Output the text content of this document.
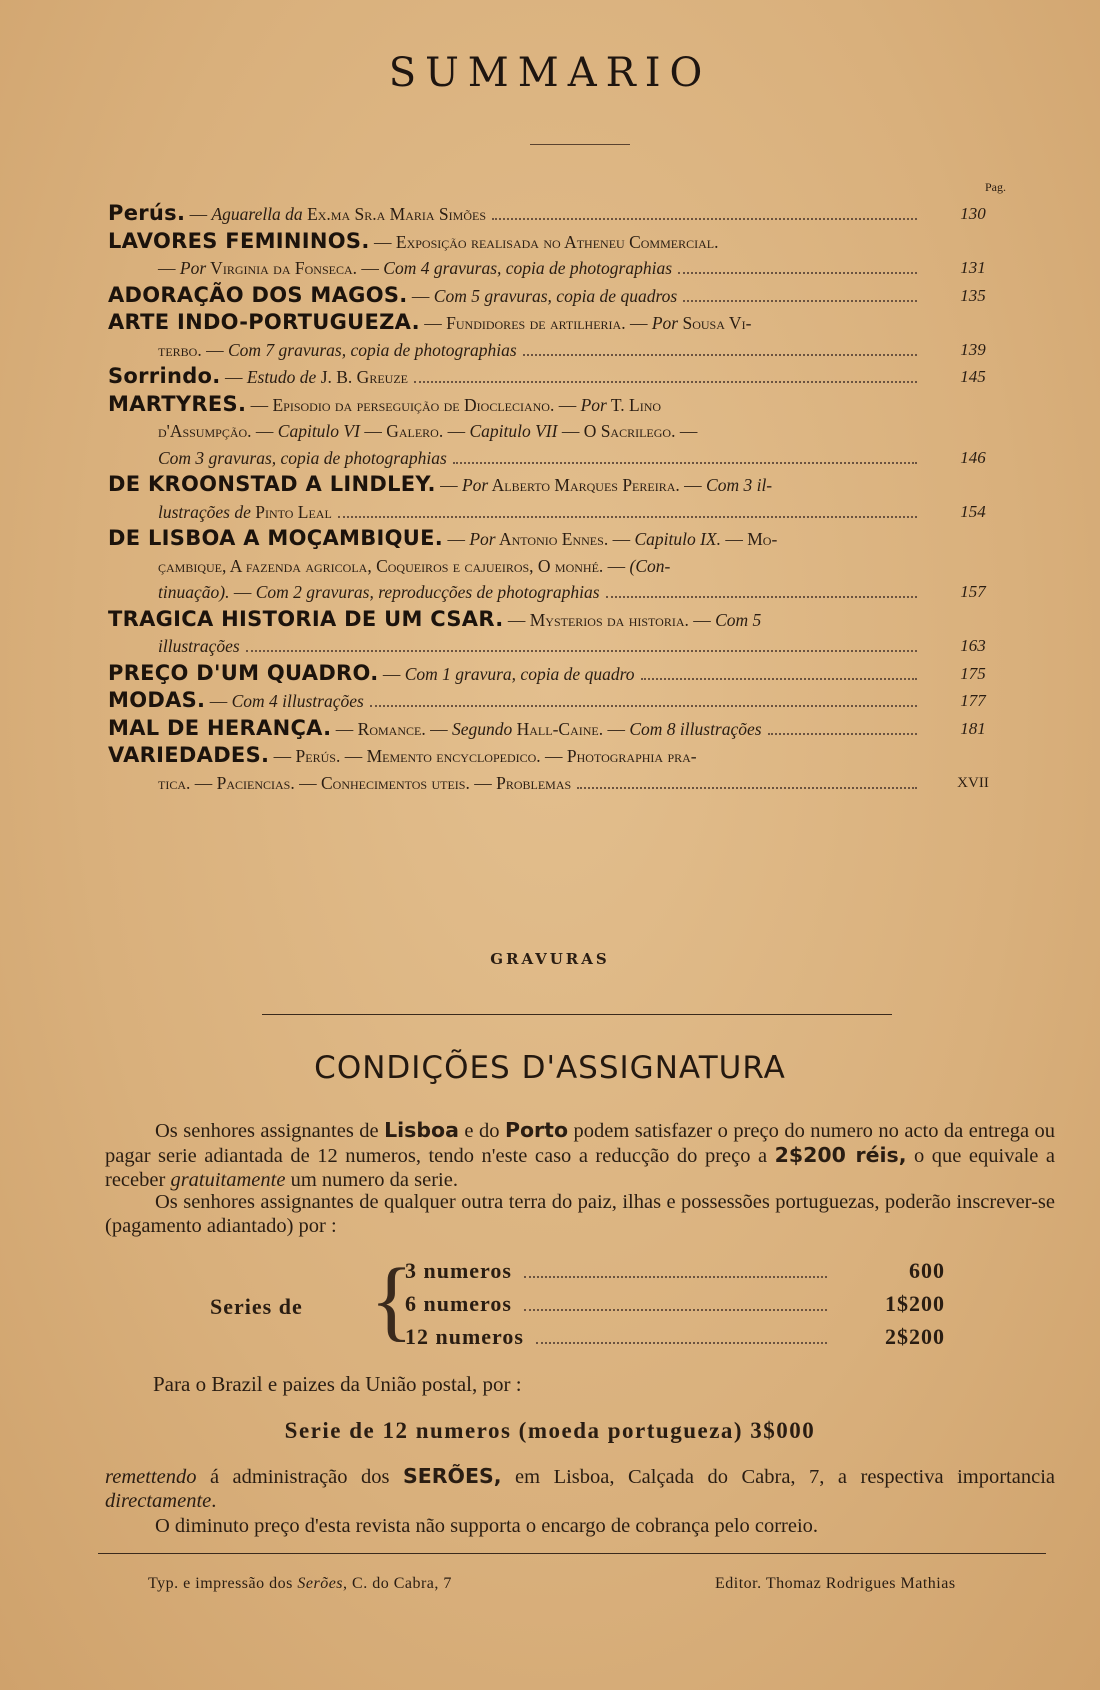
SUMMARIO
Pag.
Perús. — Aguarella da Ex.ma Sr.a Maria Simões	130
LAVORES FEMININOS. — Exposição realisada no Atheneu Commercial.
— Por Virginia da Fonseca. — Com 4 gravuras, copia de photographias	131
ADORAÇÃO DOS MAGOS. — Com 5 gravuras, copia de quadros	135
ARTE INDO-PORTUGUEZA. — Fundidores de artilheria. — Por Sousa Vi-
terbo. — Com 7 gravuras, copia de photographias	139
Sorrindo. — Estudo de J. B. Greuze	145
MARTYRES. — Episodio da perseguição de Diocleciano. — Por T. Lino
d'Assumpção. — Capitulo VI — Galero. — Capitulo VII — O Sacrilego. —
Com 3 gravuras, copia de photographias	146
DE KROONSTAD A LINDLEY. — Por Alberto Marques Pereira. — Com 3 il-
lustrações de Pinto Leal	154
DE LISBOA A MOÇAMBIQUE. — Por Antonio Ennes. — Capitulo IX. — Mo-
çambique, A fazenda agricola, Coqueiros e cajueiros, O monhé. — (Con-
tinuação). — Com 2 gravuras, reproducções de photographias	157
TRAGICA HISTORIA DE UM CSAR. — Mysterios da historia. — Com 5
illustrações	163
PREÇO D'UM QUADRO. — Com 1 gravura, copia de quadro	175
MODAS. — Com 4 illustrações	177
MAL DE HERANÇA. — Romance. — Segundo Hall-Caine. — Com 8 illustrações	181
VARIEDADES. — Perús. — Memento encyclopedico. — Photographia pra-
tica. — Paciencias. — Conhecimentos uteis. — Problemas	XVII
GRAVURAS
CONDIÇÕES D'ASSIGNATURA
Os senhores assignantes de Lisboa e do Porto podem satisfazer o preço do numero no acto da entrega ou pagar serie adiantada de 12 numeros, tendo n'este caso a reducção do preço a 2$200 réis, o que equivale a receber gratuitamente um numero da serie.
Os senhores assignantes de qualquer outra terra do paiz, ilhas e possessões portuguezas, poderão inscrever-se (pagamento adiantado) por :
Series de {
3 numeros	600
6 numeros	1$200
12 numeros	2$200
Para o Brazil e paizes da União postal, por :
Serie de 12 numeros (moeda portugueza) 3$000
remettendo á administração dos SERÕES, em Lisboa, Calçada do Cabra, 7, a respectiva importancia directamente.
O diminuto preço d'esta revista não supporta o encargo de cobrança pelo correio.
Typ. e impressão dos Serões, C. do Cabra, 7	Editor. Thomaz Rodrigues Mathias
